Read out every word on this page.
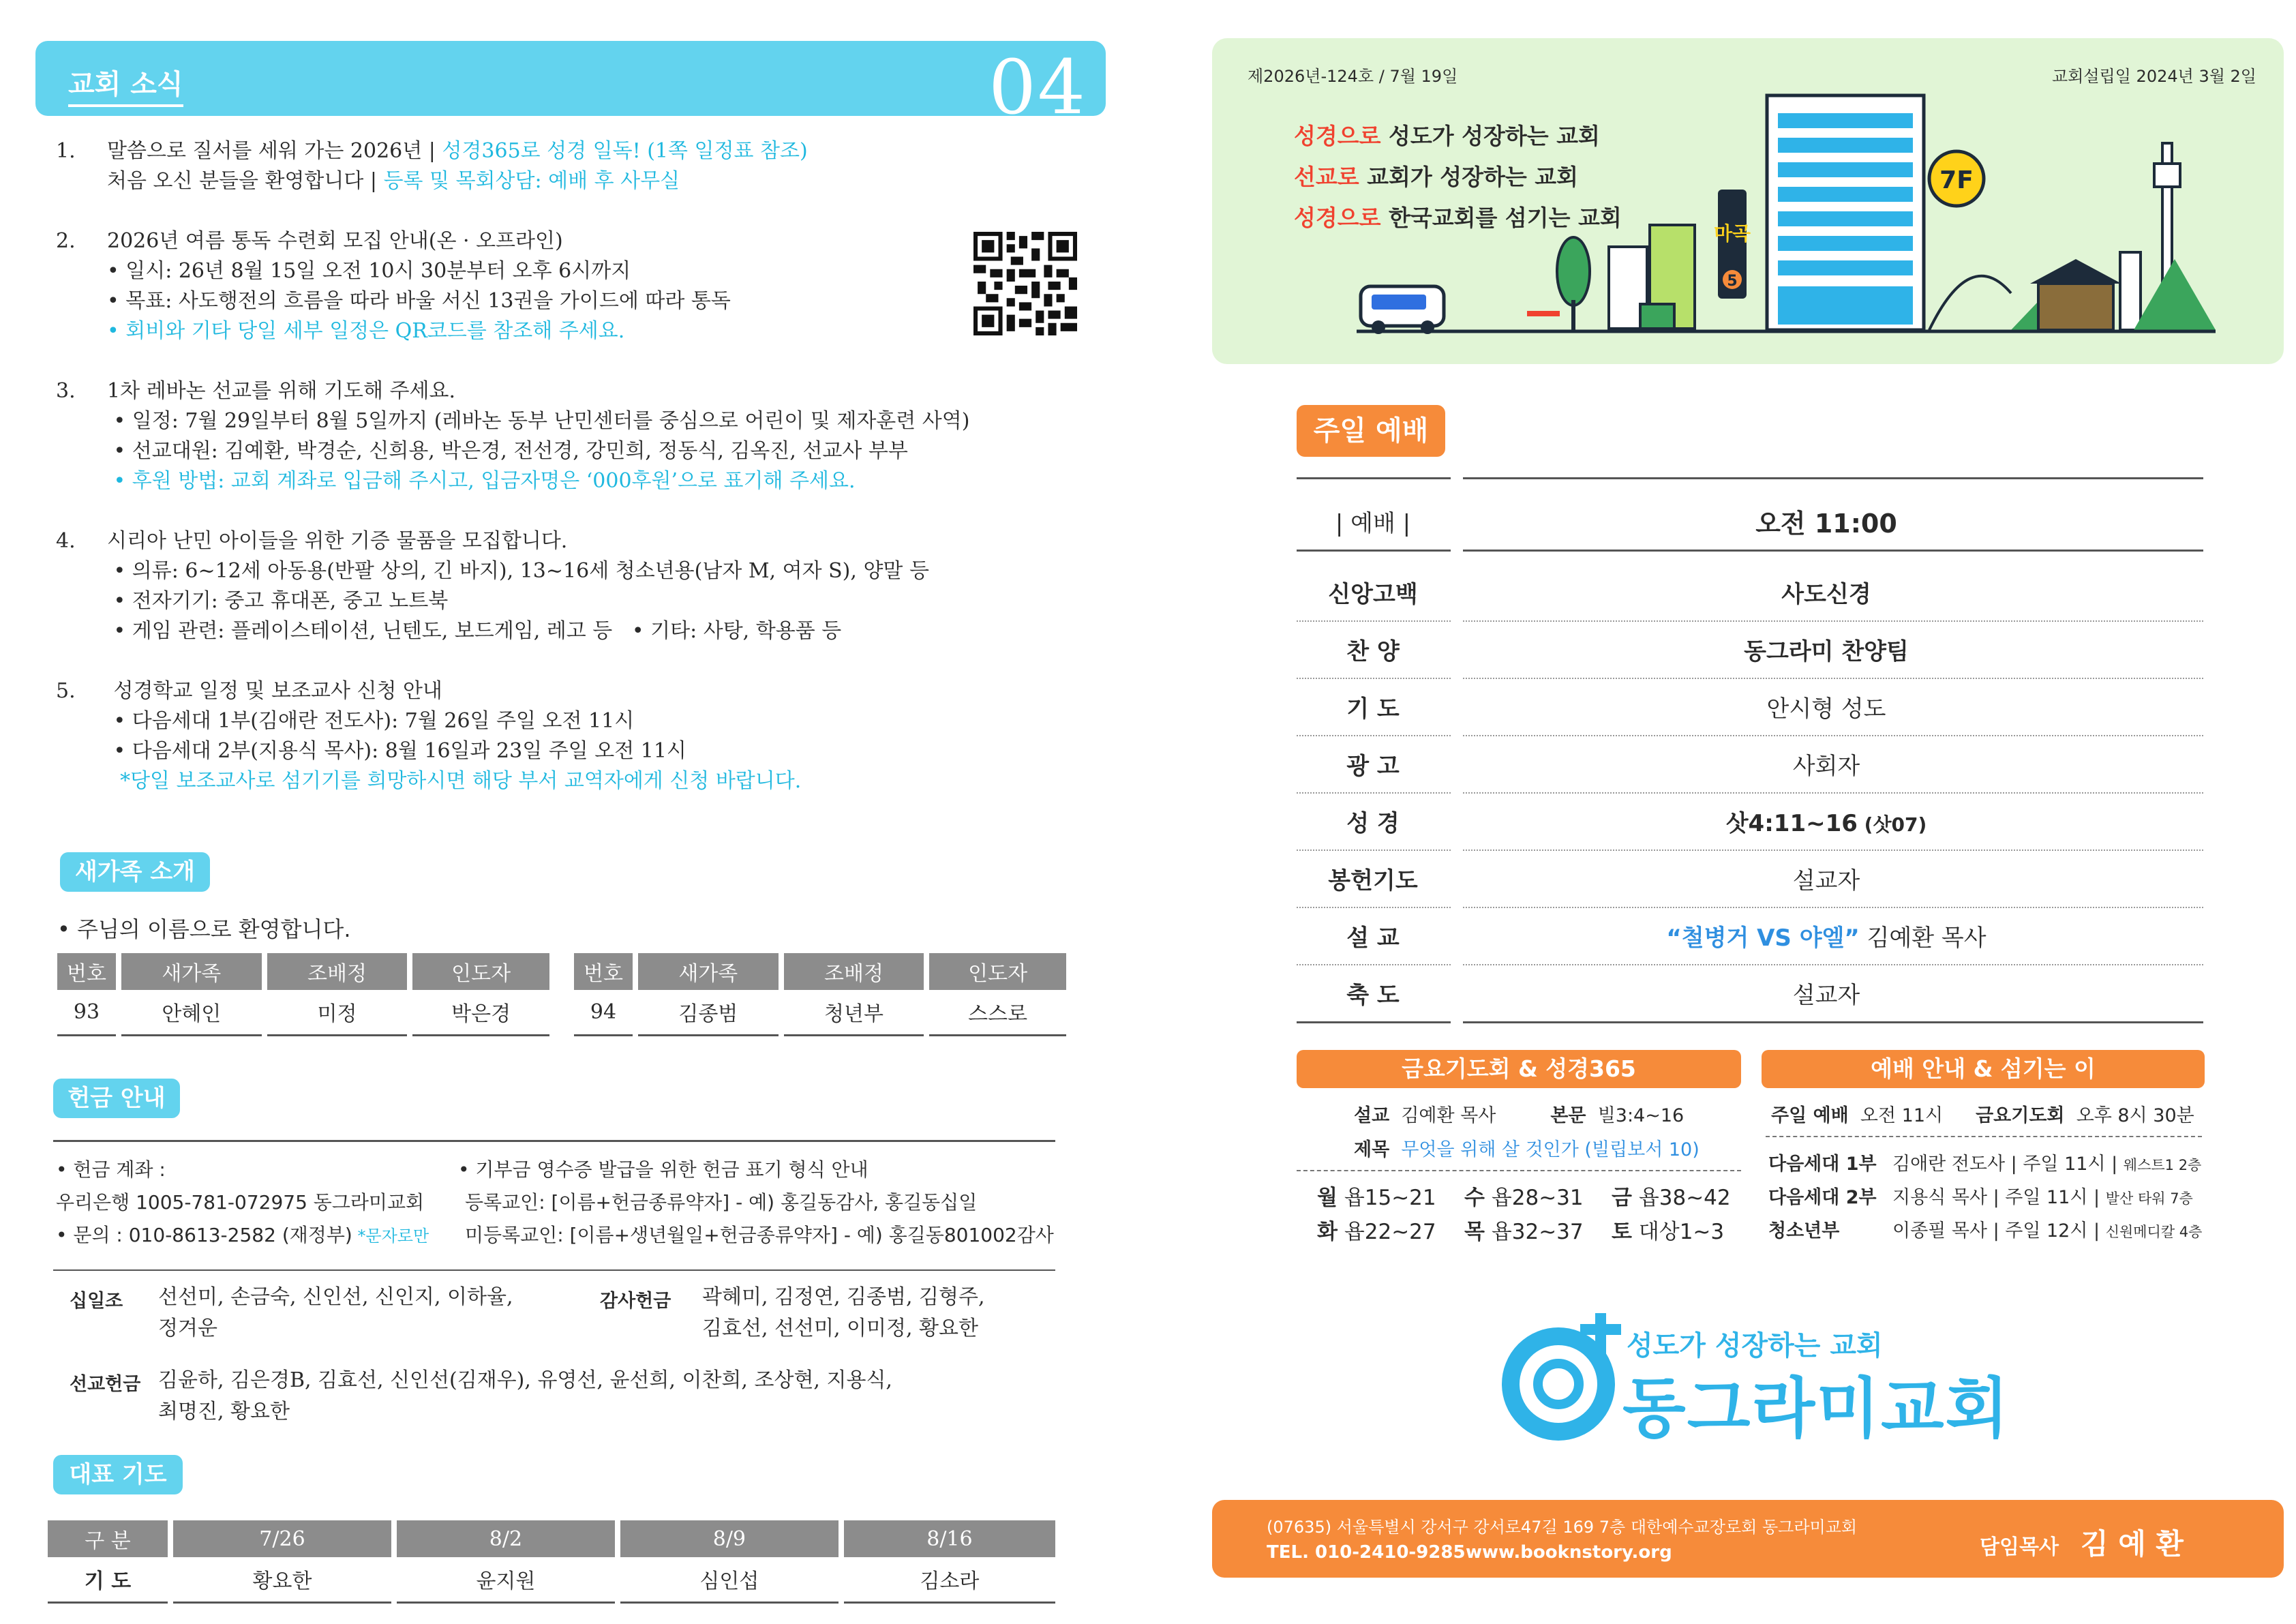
교회 소식	04
1. 말씀으로 질서를 세워 가는 2026년 | 성경365로 성경 일독! (1쪽 일정표 참조)
처음 오신 분들을 환영합니다 | 등록 및 목회상담: 예배 후 사무실
2. 2026년 여름 통독 수련회 모집 안내(온 · 오프라인)
• 일시: 26년 8월 15일 오전 10시 30분부터 오후 6시까지
• 목표: 사도행전의 흐름을 따라 바울 서신 13권을 가이드에 따라 통독
• 회비와 기타 당일 세부 일정은 QR코드를 참조해 주세요.
3. 1차 레바논 선교를 위해 기도해 주세요.
• 일정: 7월 29일부터 8월 5일까지 (레바논 동부 난민센터를 중심으로 어린이 및 제자훈련 사역)
• 선교대원: 김예환, 박경순, 신희용, 박은경, 전선경, 강민희, 정동식, 김옥진, 선교사 부부
• 후원 방법: 교회 계좌로 입금해 주시고, 입금자명은 ‘000후원’으로 표기해 주세요.
4. 시리아 난민 아이들을 위한 기증 물품을 모집합니다.
• 의류: 6~12세 아동용(반팔 상의, 긴 바지), 13~16세 청소년용(남자 M, 여자 S), 양말 등
• 전자기기: 중고 휴대폰, 중고 노트북
• 게임 관련: 플레이스테이션, 닌텐도, 보드게임, 레고 등   • 기타: 사탕, 학용품 등
5. 성경학교 일정 및 보조교사 신청 안내
• 다음세대 1부(김애란 전도사): 7월 26일 주일 오전 11시
• 다음세대 2부(지용식 목사): 8월 16일과 23일 주일 오전 11시
*당일 보조교사로 섬기기를 희망하시면 해당 부서 교역자에게 신청 바랍니다.
새가족 소개
• 주님의 이름으로 환영합니다.
번호	새가족	조배정	인도자
93	안혜인	미정	박은경
번호	새가족	조배정	인도자
94	김종범	청년부	스스로
헌금 안내
• 헌금 계좌 :
우리은행 1005-781-072975 동그라미교회
• 문의 : 010-8613-2582 (재정부) *문자로만
• 기부금 영수증 발급을 위한 헌금 표기 형식 안내
등록교인: [이름+헌금종류약자] - 예) 홍길동감사, 홍길동십일
미등록교인: [이름+생년월일+헌금종류약자] - 예) 홍길동801002감사
십일조 선선미, 손금숙, 신인선, 신인지, 이하율,
정겨운
감사헌금 곽혜미, 김정연, 김종범, 김형주,
김효선, 선선미, 이미정, 황요한
선교헌금 김윤하, 김은경B, 김효선, 신인선(김재우), 유영선, 윤선희, 이찬희, 조상현, 지용식,
최명진, 황요한
대표 기도
구 분	7/26	8/2	8/9	8/16
기 도	황요한	윤지원	심인섭	김소라
제2026년-124호 / 7월 19일	교회설립일 2024년 3월 2일
성경으로 성도가 성장하는 교회
선교로 교회가 성장하는 교회
성경으로 한국교회를 섬기는 교회
마곡
5
7F
주일 예배
| 예배 |	오전 11:00
신앙고백	사도신경
찬 양	동그라미 찬양팀
기 도	안시형 성도
광 고	사회자
성 경	삿4:11~16 (삿07)
봉헌기도	설교자
설 교	“철병거 VS 야엘” 김예환 목사
축 도	설교자
금요기도회 & 성경365
설교 김예환 목사	본문 빌3:4~16
제목 무엇을 위해 살 것인가 (빌립보서 10)
월 욥15~21	수 욥28~31	금 욥38~42
화 욥22~27	목 욥32~37	토 대상1~3
예배 안내 & 섬기는 이
주일 예배 오전 11시 금요기도회 오후 8시 30분
다음세대 1부 김애란 전도사 | 주일 11시 | 웨스트1 2층
다음세대 2부 지용식 목사 | 주일 11시 | 발산 타워 7층
청소년부	이종필 목사 | 주일 12시 | 신원메디칼 4층
성도가 성장하는 교회
동그라미교회
(07635) 서울특별시 강서구 강서로47길 169 7층 대한예수교장로회 동그라미교회
TEL. 010-2410-9285 www.booknstory.org	담임목사 김 예 환
